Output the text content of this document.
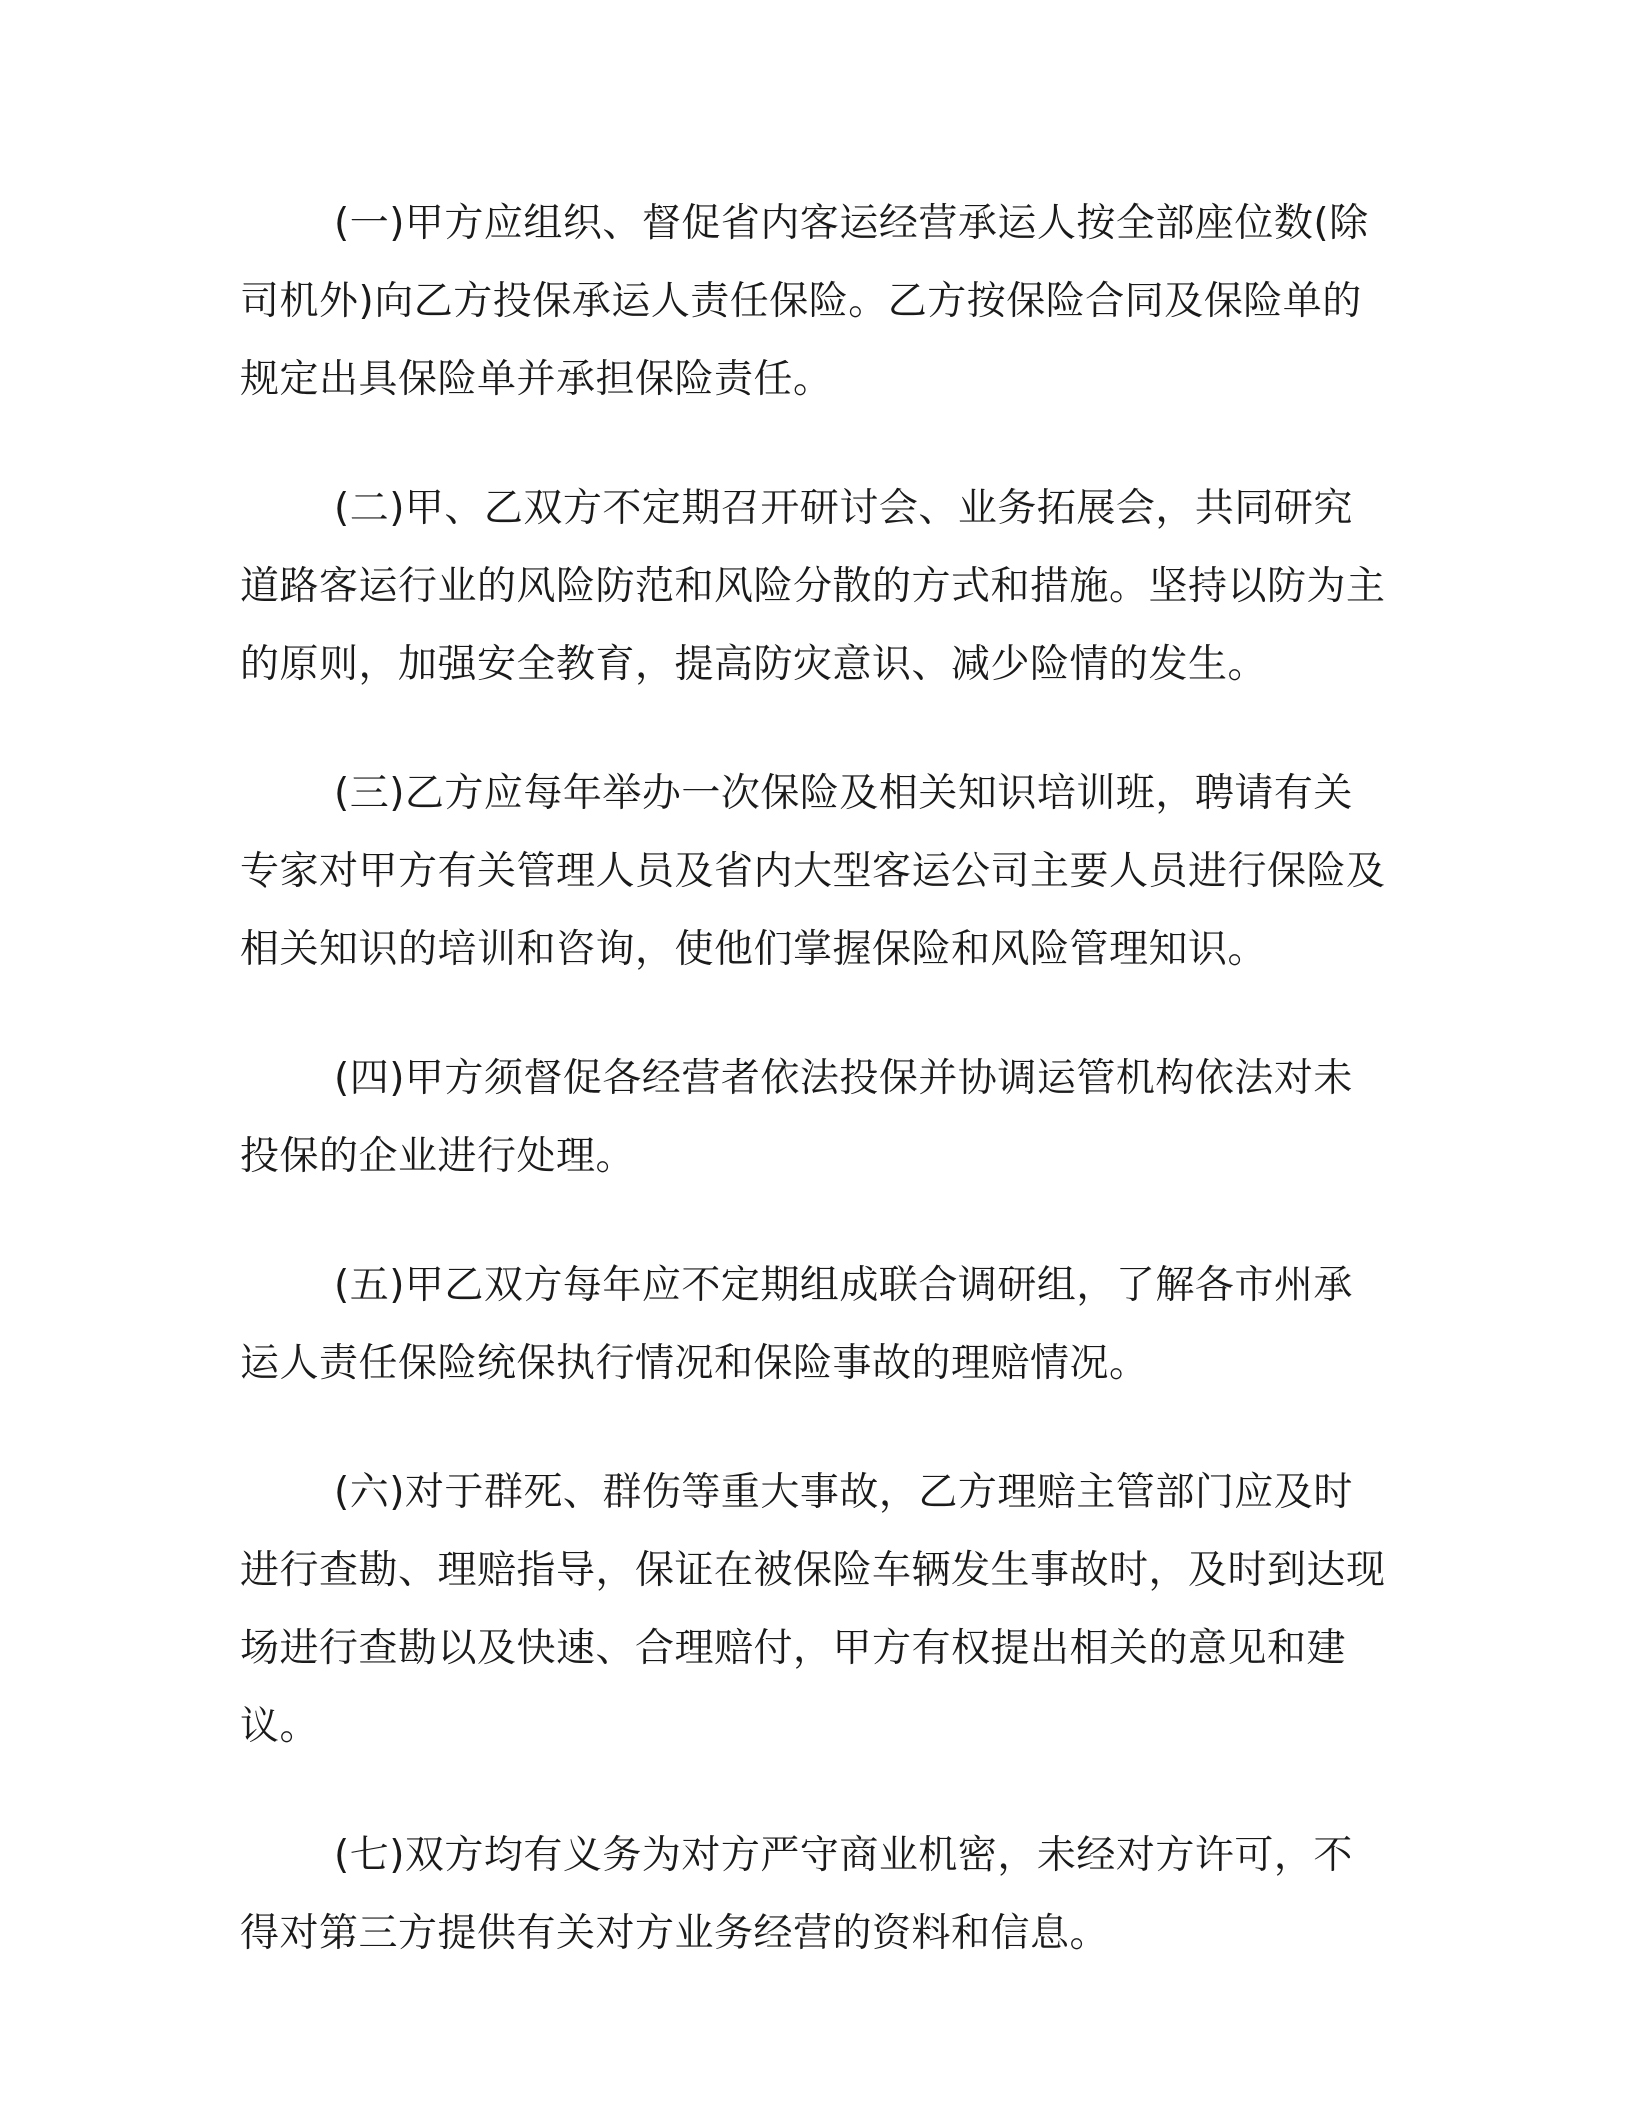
(一)甲方应组织、督促省内客运经营承运人按全部座位数(除司机外)向乙方投保承运人责任保险。乙方按保险合同及保险单的规定出具保险单并承担保险责任。

(二)甲、乙双方不定期召开研讨会、业务拓展会，共同研究道路客运行业的风险防范和风险分散的方式和措施。坚持以防为主的原则，加强安全教育，提高防灾意识、减少险情的发生。

(三)乙方应每年举办一次保险及相关知识培训班，聘请有关专家对甲方有关管理人员及省内大型客运公司主要人员进行保险及相关知识的培训和咨询，使他们掌握保险和风险管理知识。

(四)甲方须督促各经营者依法投保并协调运管机构依法对未投保的企业进行处理。

(五)甲乙双方每年应不定期组成联合调研组，了解各市州承运人责任保险统保执行情况和保险事故的理赔情况。

(六)对于群死、群伤等重大事故，乙方理赔主管部门应及时进行查勘、理赔指导，保证在被保险车辆发生事故时，及时到达现场进行查勘以及快速、合理赔付，甲方有权提出相关的意见和建议。

(七)双方均有义务为对方严守商业机密，未经对方许可，不得对第三方提供有关对方业务经营的资料和信息。
